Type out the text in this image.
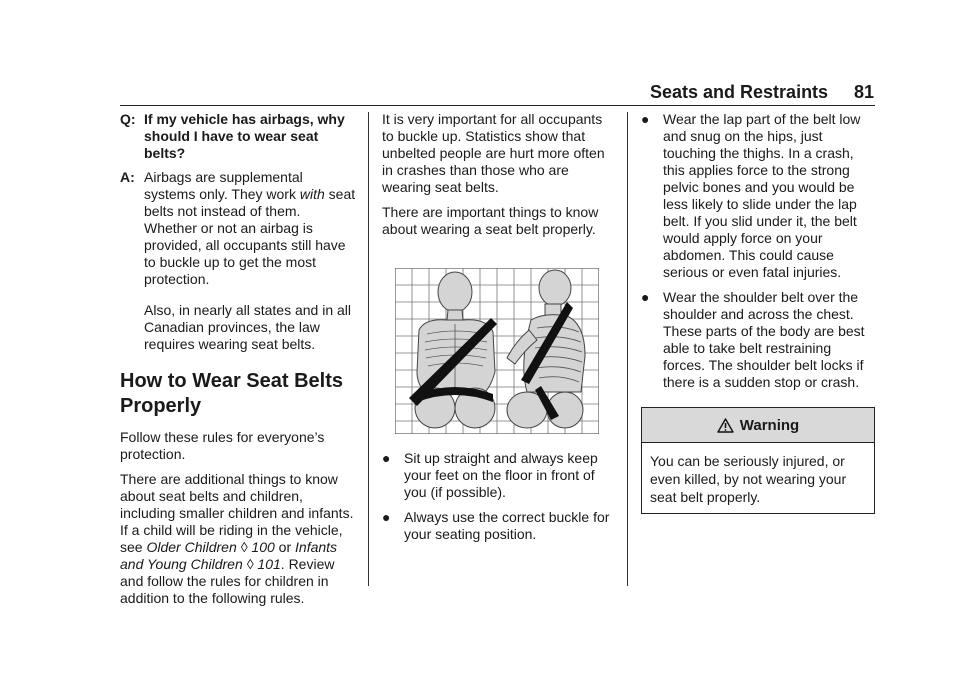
Seats and Restraints 81
Q: If my vehicle has airbags, why should I have to wear seat belts?
A: Airbags are supplemental systems only. They work with seat belts not instead of them. Whether or not an airbag is provided, all occupants still have to buckle up to get the most protection.

Also, in nearly all states and in all Canadian provinces, the law requires wearing seat belts.

How to Wear Seat Belts Properly

Follow these rules for everyone’s protection.

There are additional things to know about seat belts and children, including smaller children and infants. If a child will be riding in the vehicle, see Older Children ◊ 100 or Infants and Young Children ◊ 101. Review and follow the rules for children in addition to the following rules.

It is very important for all occupants to buckle up. Statistics show that unbelted people are hurt more often in crashes than those who are wearing seat belts.

There are important things to know about wearing a seat belt properly.

● Sit up straight and always keep your feet on the floor in front of you (if possible).
● Always use the correct buckle for your seating position.
● Wear the lap part of the belt low and snug on the hips, just touching the thighs. In a crash, this applies force to the strong pelvic bones and you would be less likely to slide under the lap belt. If you slid under it, the belt would apply force on your abdomen. This could cause serious or even fatal injuries.
● Wear the shoulder belt over the shoulder and across the chest. These parts of the body are best able to take belt restraining forces. The shoulder belt locks if there is a sudden stop or crash.
Warning
You can be seriously injured, or even killed, by not wearing your seat belt properly.
